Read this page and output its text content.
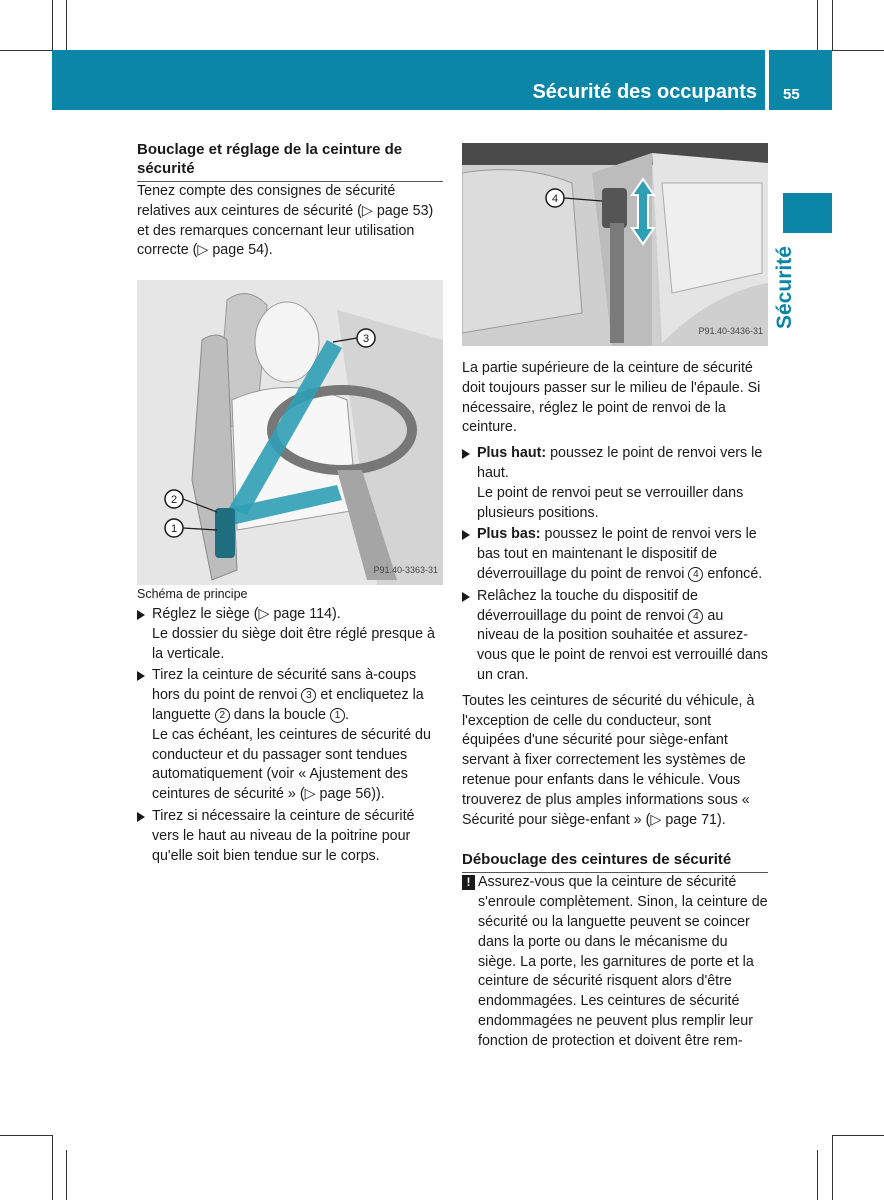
Sécurité des occupants 55
Sécurité

Bouclage et réglage de la ceinture de sécurité

Tenez compte des consignes de sécurité relatives aux ceintures de sécurité (▷ page 53) et des remarques concernant leur utilisation correcte (▷ page 54).

2
1
3
P91.40-3363-31

Schéma de principe

Réglez le siège (▷ page 114).
Le dossier du siège doit être réglé presque à la verticale.
Tirez la ceinture de sécurité sans à-coups hors du point de renvoi 3 et encliquetez la languette 2 dans la boucle 1 .
Le cas échéant, les ceintures de sécurité du conducteur et du passager sont tendues automatiquement (voir « Ajustement des ceintures de sécurité » (▷ page 56)).
Tirez si nécessaire la ceinture de sécurité vers le haut au niveau de la poitrine pour qu'elle soit bien tendue sur le corps.
4
P91.40-3436-31

La partie supérieure de la ceinture de sécurité doit toujours passer sur le milieu de l'épaule. Si nécessaire, réglez le point de renvoi de la ceinture.

Plus haut: poussez le point de renvoi vers le haut.
Le point de renvoi peut se verrouiller dans plusieurs positions.
Plus bas: poussez le point de renvoi vers le bas tout en maintenant le dispositif de déverrouillage du point de renvoi 4 enfoncé.
Relâchez la touche du dispositif de déverrouillage du point de renvoi 4 au niveau de la position souhaitée et assurez-vous que le point de renvoi est verrouillé dans un cran.

Toutes les ceintures de sécurité du véhicule, à l'exception de celle du conducteur, sont équipées d'une sécurité pour siège-enfant servant à fixer correctement les systèmes de retenue pour enfants dans le véhicule. Vous trouverez de plus amples informations sous « Sécurité pour siège-enfant » (▷ page 71).

Débouclage des ceintures de sécurité

! Assurez-vous que la ceinture de sécurité s'enroule complètement. Sinon, la ceinture de sécurité ou la languette peuvent se coincer dans la porte ou dans le mécanisme du siège. La porte, les garnitures de porte et la ceinture de sécurité risquent alors d'être endommagées. Les ceintures de sécurité endommagées ne peuvent plus remplir leur fonction de protection et doivent être rem-
